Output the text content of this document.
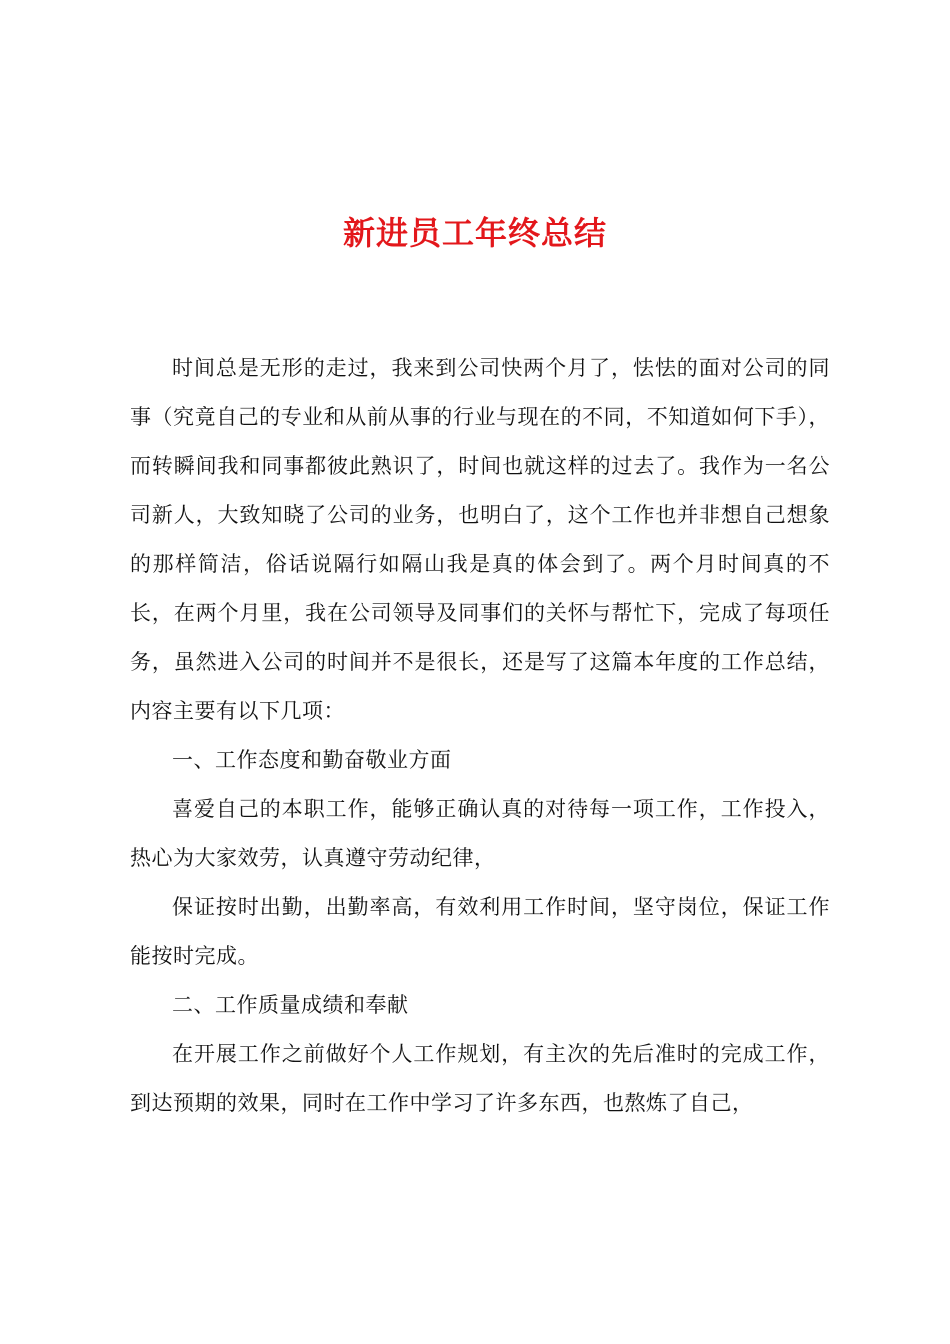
新进员工年终总结

时间总是无形的走过，我来到公司快两个月了，怯怯的面对公司的同事（究竟自己的专业和从前从事的行业与现在的不同，不知道如何下手），而转瞬间我和同事都彼此熟识了，时间也就这样的过去了。我作为一名公司新人，大致知晓了公司的业务，也明白了，这个工作也并非想自己想象的那样简洁，俗话说隔行如隔山我是真的体会到了。两个月时间真的不长，在两个月里，我在公司领导及同事们的关怀与帮忙下，完成了每项任务，虽然进入公司的时间并不是很长，还是写了这篇本年度的工作总结，内容主要有以下几项：

一、工作态度和勤奋敬业方面

喜爱自己的本职工作，能够正确认真的对待每一项工作，工作投入，热心为大家效劳，认真遵守劳动纪律，

保证按时出勤，出勤率高，有效利用工作时间，坚守岗位，保证工作能按时完成。

二、工作质量成绩和奉献

在开展工作之前做好个人工作规划，有主次的先后准时的完成工作，到达预期的效果，同时在工作中学习了许多东西，也熬炼了自己，
